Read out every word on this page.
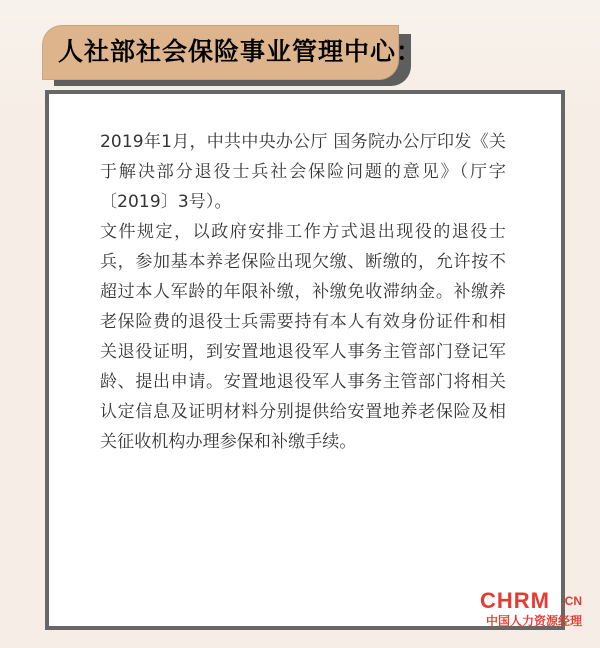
人社部社会保险事业管理中心：

2019年1月，中共中央办公厅 国务院办公厅印发《关于解决部分退役士兵社会保险问题的意见》（厅字〔2019〕3号）。

文件规定，以政府安排工作方式退出现役的退役士兵，参加基本养老保险出现欠缴、断缴的，允许按不超过本人军龄的年限补缴，补缴免收滞纳金。补缴养老保险费的退役士兵需要持有本人有效身份证件和相关退役证明，到安置地退役军人事务主管部门登记军龄、提出申请。安置地退役军人事务主管部门将相关认定信息及证明材料分别提供给安置地养老保险及相关征收机构办理参保和补缴手续。

CHRM .CN
中国人力资源经理
